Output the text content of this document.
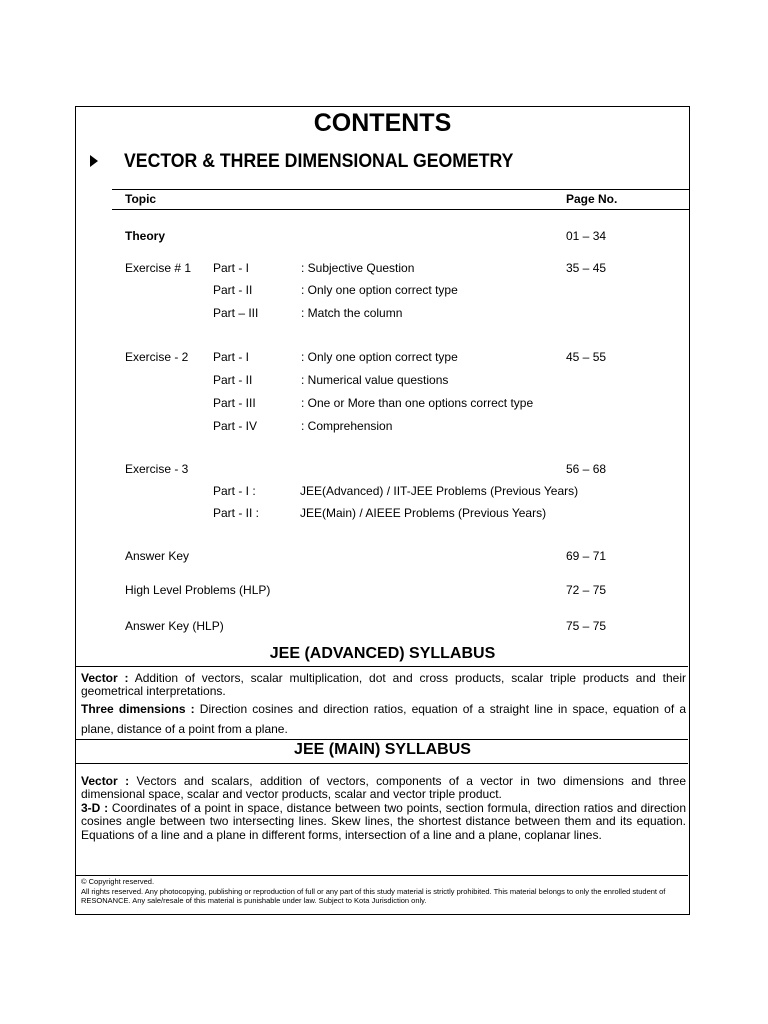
CONTENTS
VECTOR & THREE DIMENSIONAL GEOMETRY
Topic	Page No.
Theory	01 – 34
Exercise # 1	35 – 45
Part - I	: Subjective Question
Part - II	: Only one option correct type
Part – III	: Match the column
Exercise - 2	45 – 55
Part - I	: Only one option correct type
Part - II	: Numerical value questions
Part - III	: One or More than one options correct type
Part - IV	: Comprehension
Exercise - 3	56 – 68
Part - I :	JEE(Advanced) / IIT-JEE Problems (Previous Years)
Part - II :	JEE(Main) / AIEEE Problems (Previous Years)
Answer Key	69 – 71
High Level Problems (HLP)	72 – 75
Answer Key (HLP)	75 – 75
JEE (ADVANCED) SYLLABUS

Vector : Addition of vectors, scalar multiplication, dot and cross products, scalar triple products and their geometrical interpretations.

Three dimensions : Direction cosines and direction ratios, equation of a straight line in space, equation of a plane, distance of a point from a plane.

JEE (MAIN) SYLLABUS

Vector : Vectors and scalars, addition of vectors, components of a vector in two dimensions and three dimensional space, scalar and vector products, scalar and vector triple product.

3-D : Coordinates of a point in space, distance between two points, section formula, direction ratios and direction cosines angle between two intersecting lines. Skew lines, the shortest distance between them and its equation. Equations of a line and a plane in different forms, intersection of a line and a plane, coplanar lines.

© Copyright reserved.

All rights reserved. Any photocopying, publishing or reproduction of full or any part of this study material is strictly prohibited. This material belongs to only the enrolled student of RESONANCE. Any sale/resale of this material is punishable under law. Subject to Kota Jurisdiction only.
